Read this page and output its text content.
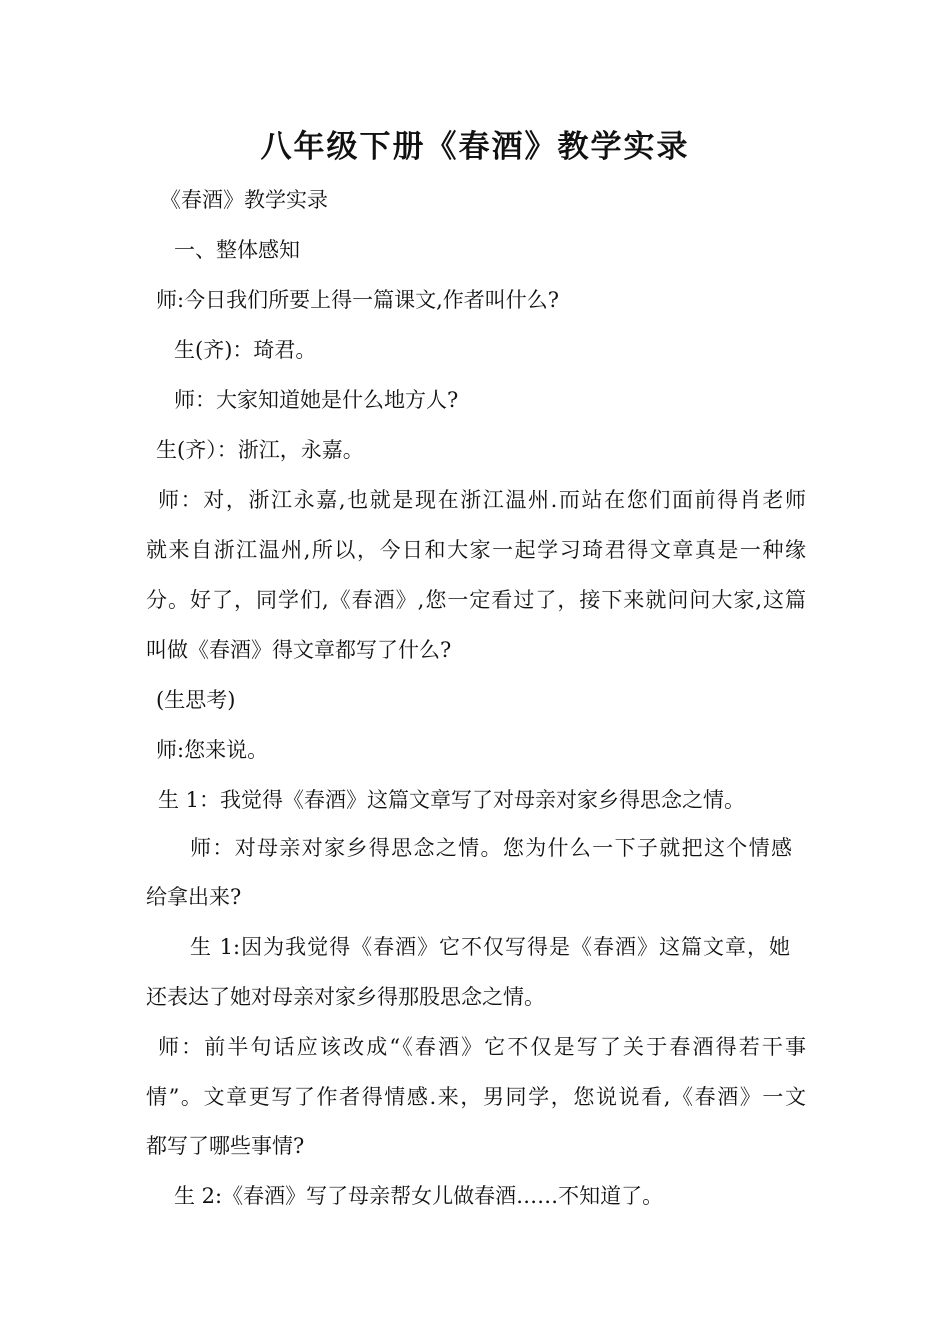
八年级下册《春酒》教学实录
《春酒》教学实录
一、整体感知
师:今日我们所要上得一篇课文,作者叫什么?
生(齐)：琦君。
师：大家知道她是什么地方人?
生(齐）：浙江，永嘉。
师：对，浙江永嘉,也就是现在浙江温州.而站在您们面前得肖老师
就来自浙江温州,所以，今日和大家一起学习琦君得文章真是一种缘
分。好了，同学们,《春酒》,您一定看过了，接下来就问问大家,这篇
叫做《春酒》得文章都写了什么?
(生思考)
师:您来说。
生 1：我觉得《春酒》这篇文章写了对母亲对家乡得思念之情。
师：对母亲对家乡得思念之情。您为什么一下子就把这个情感
给拿出来?
生 1:因为我觉得《春酒》它不仅写得是《春酒》这篇文章，她
还表达了她对母亲对家乡得那股思念之情。
师：前半句话应该改成“《春酒》它不仅是写了关于春酒得若干事
情”。文章更写了作者得情感.来，男同学，您说说看,《春酒》一文
都写了哪些事情?
生 2:《春酒》写了母亲帮女儿做春酒……不知道了。
